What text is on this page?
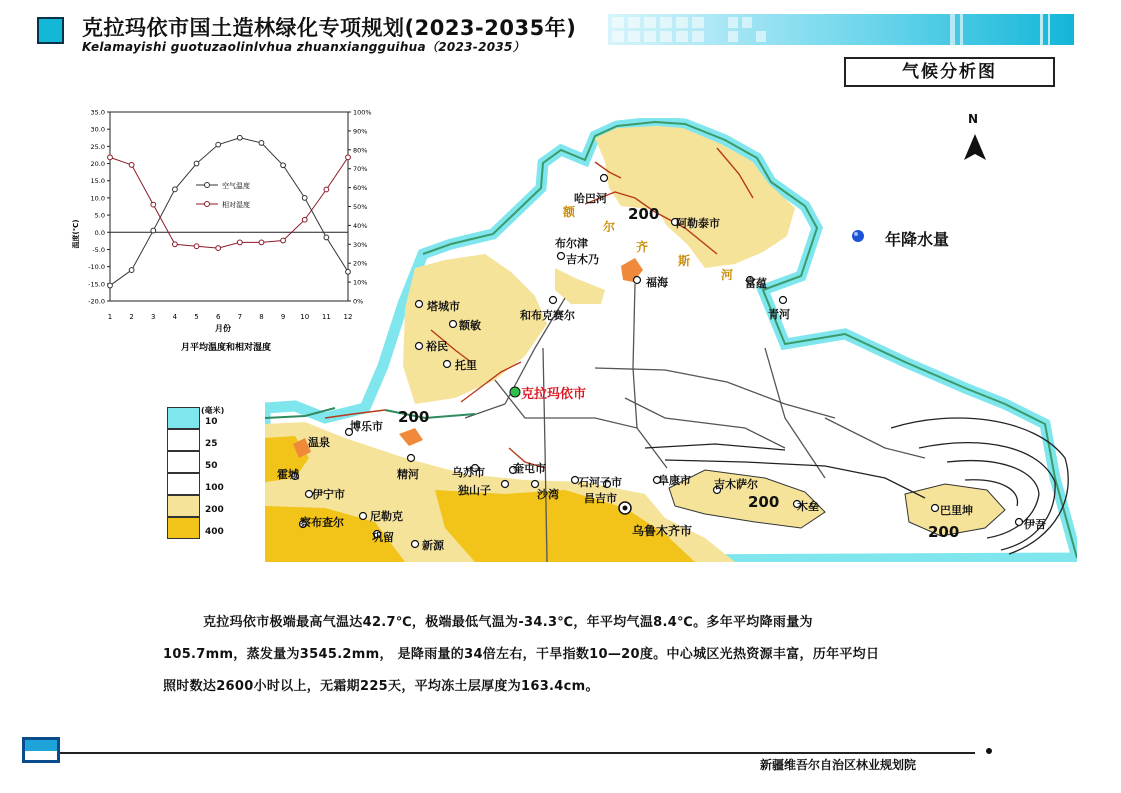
克拉玛依市国土造林绿化专项规划(2023-2035年)
Kelamayishi guotuzaolinlvhua zhuanxiangguihua（2023-2035）
气候分析图
N
年降水量
克拉玛依市
200
200
200
200
哈巴河
阿勒泰市
布尔津
吉木乃
福海	富蕴
青河
和布克赛尔
塔城市
额敏
裕民
托里
博乐市
温泉
精河	乌苏市	奎屯市
独山子	沙湾
石河子市
昌吉市
阜康市 吉木萨尔
木垒	巴里坤
伊吾
霍城
伊宁市
察布查尔 尼勒克
巩留
新源
乌鲁木齐市
额
尔
齐
斯
河
35.0
30.0
25.0
20.0
15.0
10.0
5.0
0.0
-5.0
-10.0
-15.0
-20.0
100%
90%
80%
70%
60%
50%
40%
30%
20%
10%
0%
1 2 3 4 5 6 7 8 9 10 11 12
温度(℃)
月份
月平均温度和相对湿度
空气温度
相对湿度
(毫米)
10
25
50
100
200
400
克拉玛依市极端最高气温达42.7℃，极端最低气温为-34.3℃，年平均气温8.4℃。多年平均降雨量为
105.7mm，蒸发量为3545.2mm， 是降雨量的34倍左右，干旱指数10—20度。中心城区光热资源丰富，历年平均日
照时数达2600小时以上，无霜期225天，平均冻土层厚度为163.4cm。
新疆维吾尔自治区林业规划院
